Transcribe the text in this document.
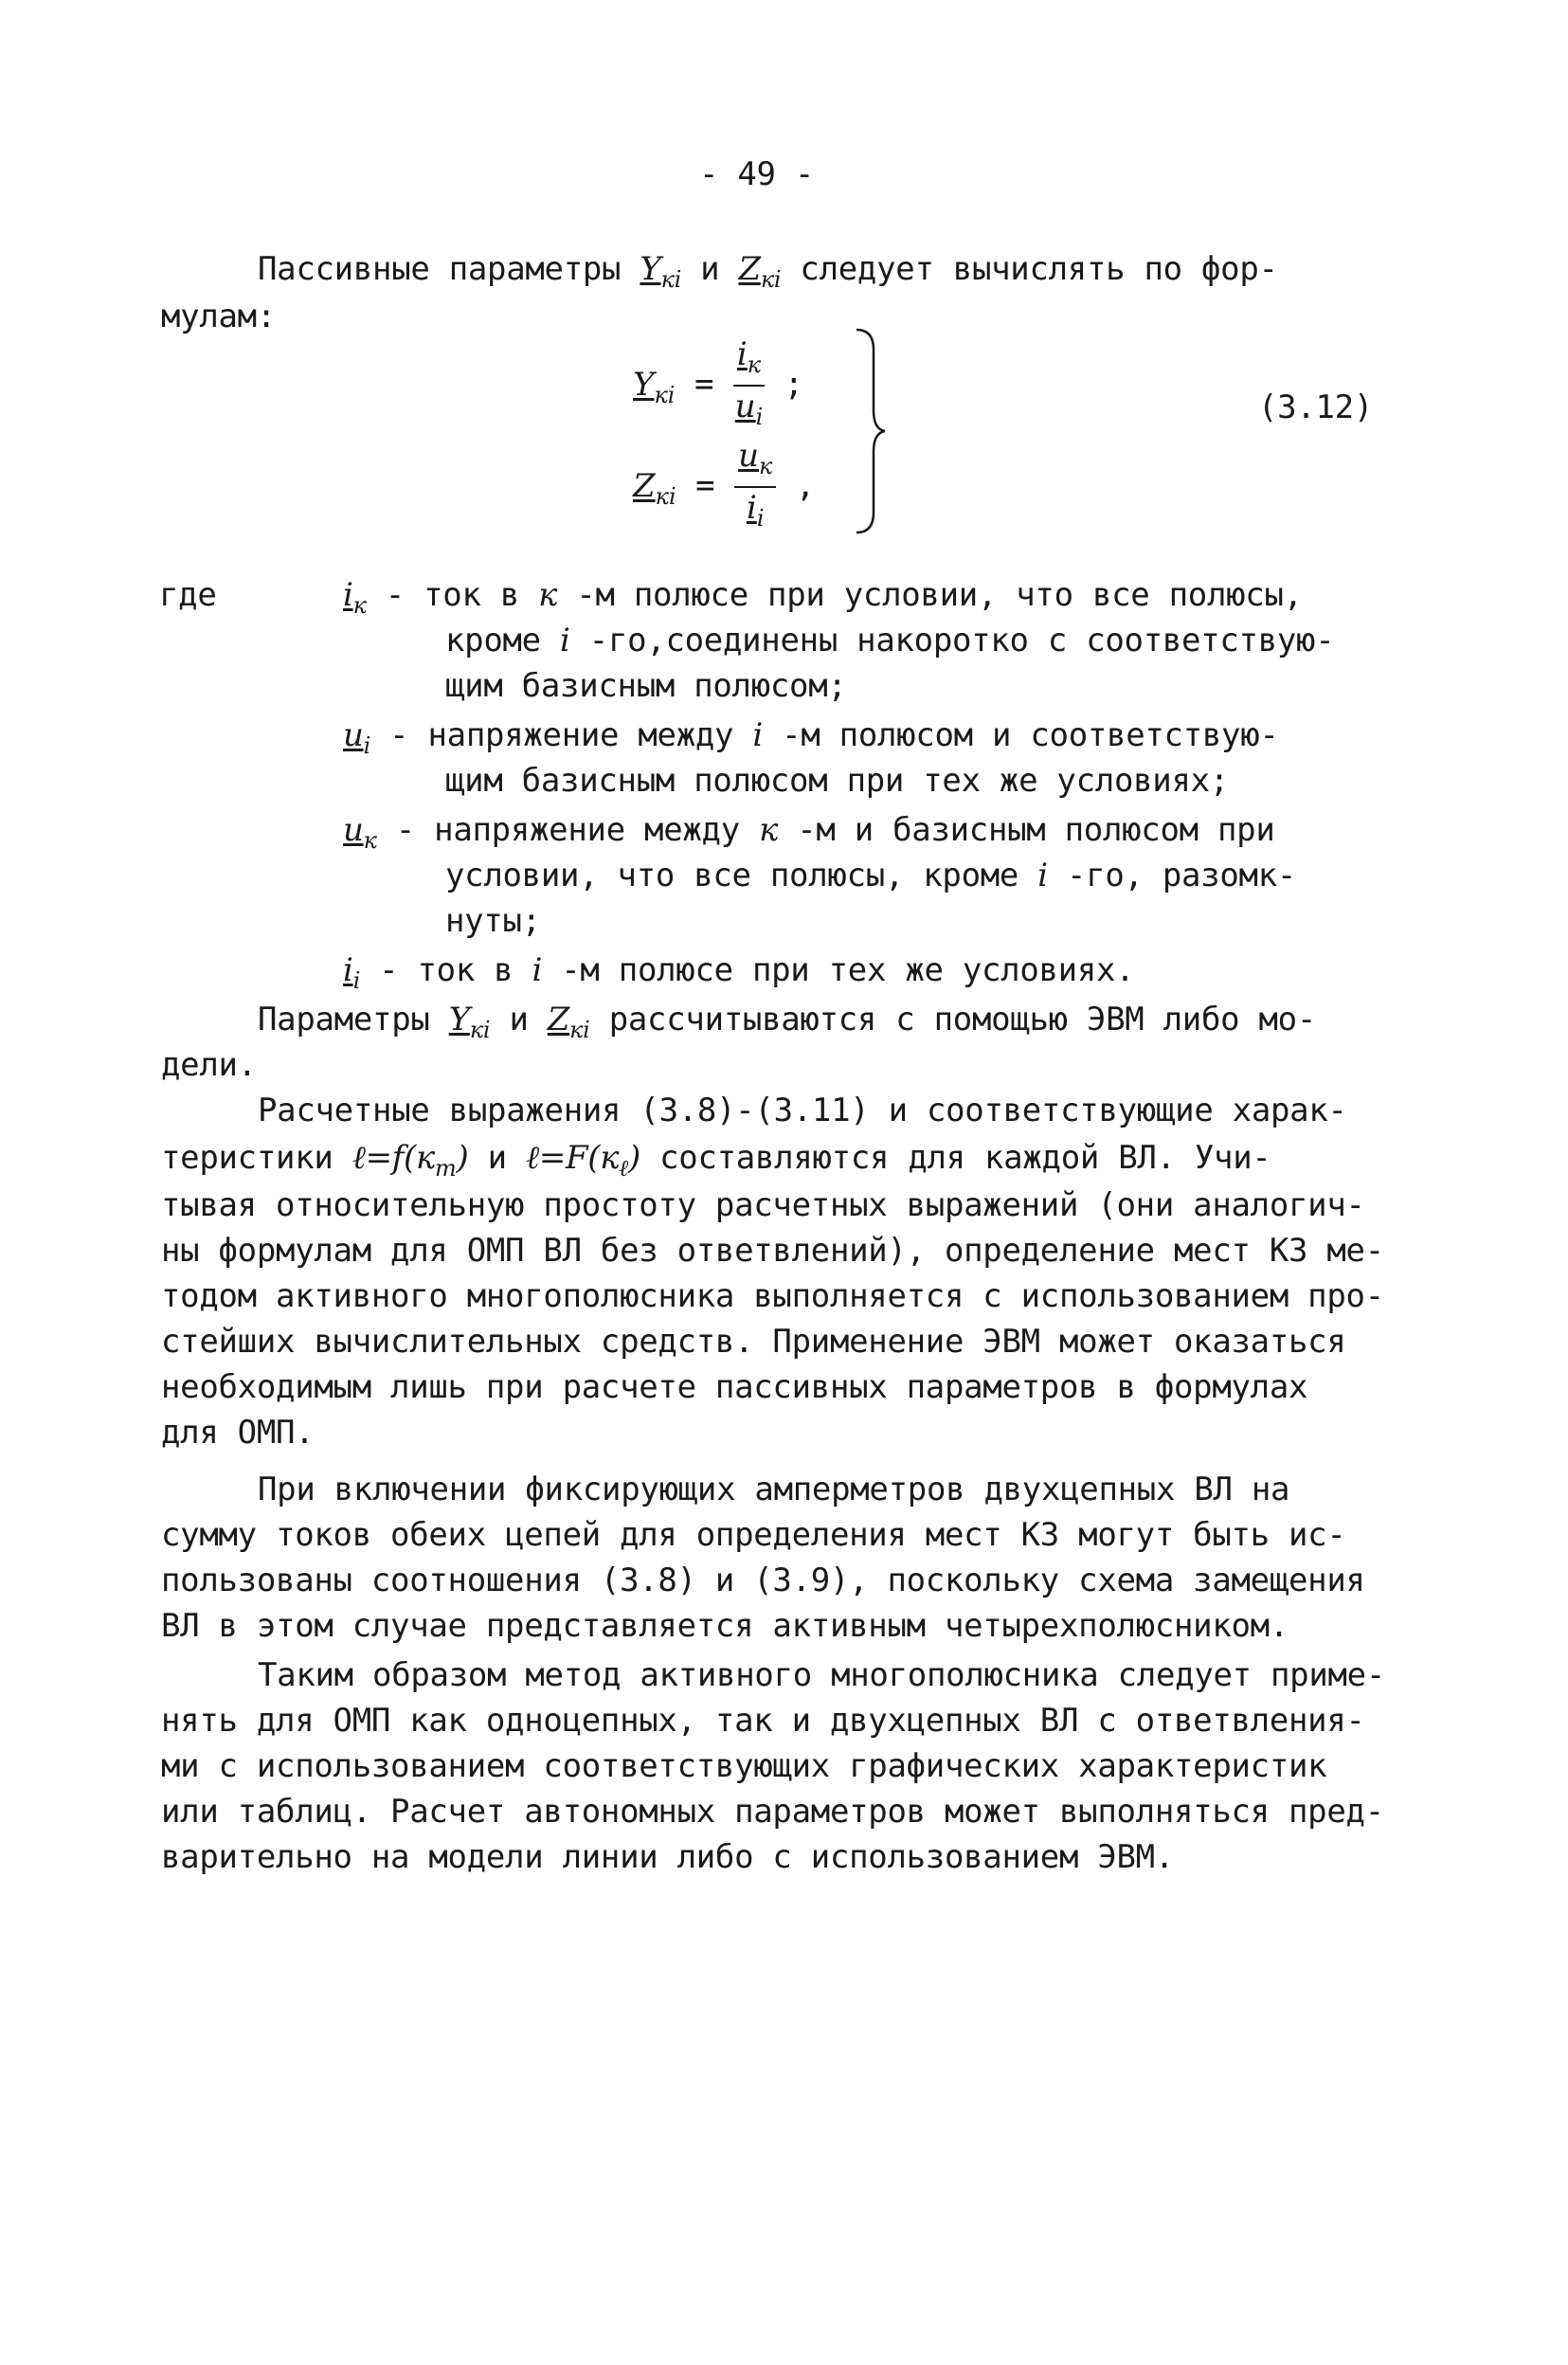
- 49 -
Пассивные параметры $Y_{кi}$ и $Z_{кi}$ следует вычислять по фор-
мулам:
$Y_{кi} = \frac{i_к}{u_i}$ ;
$Z_{кi} = \frac{u_к}{i_i}$ ,
(3.12)
где	$i_к$ - ток в к -м полюсе при условии, что все полюсы,
кроме i -го,соединены накоротко с соответствую-
щим базисным полюсом;
$u_i$ - напряжение между i -м полюсом и соответствую-
щим базисным полюсом при тех же условиях;
$u_к$ - напряжение между к -м и базисным полюсом при
условии, что все полюсы, кроме i -го, разомк-
нуты;
$i_i$ - ток в i -м полюсе при тех же условиях.
Параметры $Y_{кi}$ и $Z_{кi}$ рассчитываются с помощью ЭВМ либо мо-
дели.
Расчетные выражения (3.8)-(3.11) и соответствующие харак-
теристики $\ell=f(к_т)$ и $\ell=F(к_\ell)$ составляются для каждой ВЛ. Учи-
тывая относительную простоту расчетных выражений (они аналогич-
ны формулам для ОМП ВЛ без ответвлений), определение мест КЗ ме-
тодом активного многополюсника выполняется с использованием про-
стейших вычислительных средств. Применение ЭВМ может оказаться
необходимым лишь при расчете пассивных параметров в формулах
для ОМП.
При включении фиксирующих амперметров двухцепных ВЛ на
сумму токов обеих цепей для определения мест КЗ могут быть ис-
пользованы соотношения (3.8) и (3.9), поскольку схема замещения
ВЛ в этом случае представляется активным четырехполюсником.
Таким образом метод активного многополюсника следует приме-
нять для ОМП как одноцепных, так и двухцепных ВЛ с ответвления-
ми с использованием соответствующих графических характеристик
или таблиц. Расчет автономных параметров может выполняться пред-
варительно на модели линии либо с использованием ЭВМ.
